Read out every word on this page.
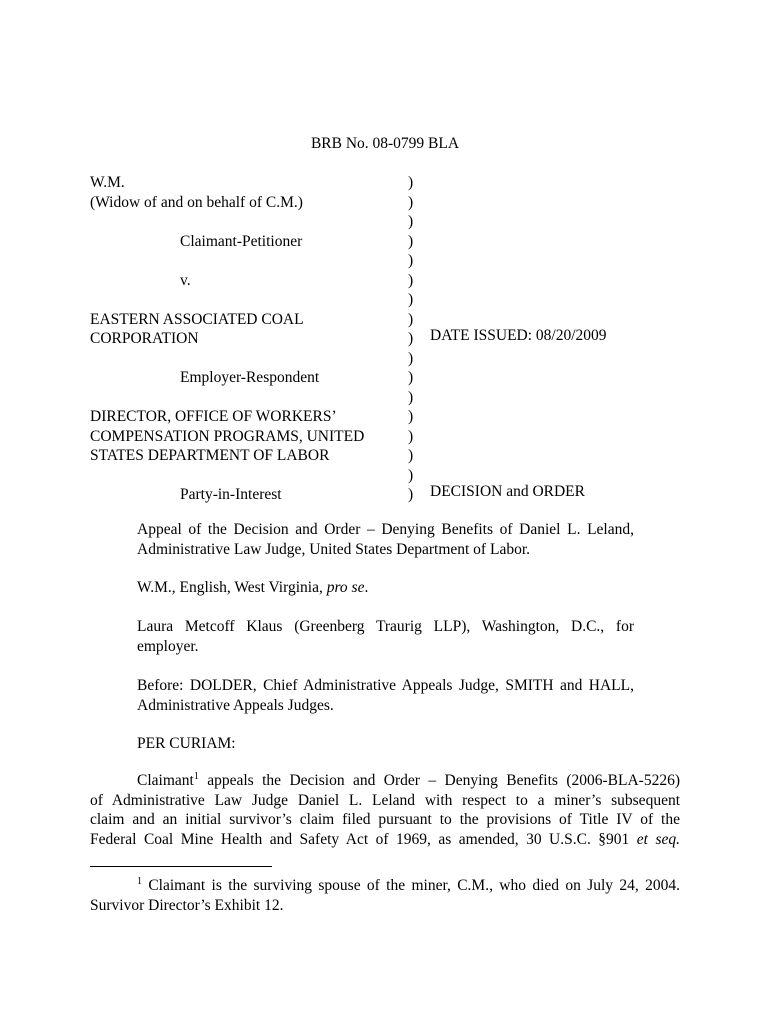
BRB No. 08-0799 BLA
W.M.
(Widow of and on behalf of C.M.)
Claimant-Petitioner
v.
EASTERN ASSOCIATED COAL
CORPORATION
Employer-Respondent
DIRECTOR, OFFICE OF WORKERS’
COMPENSATION PROGRAMS, UNITED
STATES DEPARTMENT OF LABOR
Party-in-Interest
)
)
)
)
)
)
)
)
)
)
)
)
)
)
)
)
)
DATE ISSUED: 08/20/2009
DECISION and ORDER
Appeal of the Decision and Order – Denying Benefits of Daniel L. Leland, Administrative Law Judge, United States Department of Labor.
W.M., English, West Virginia, pro se.
Laura Metcoff Klaus (Greenberg Traurig LLP), Washington, D.C., for employer.
Before: DOLDER, Chief Administrative Appeals Judge, SMITH and HALL, Administrative Appeals Judges.
PER CURIAM:
Claimant$^1$ appeals the Decision and Order – Denying Benefits (2006-BLA-5226)
of Administrative Law Judge Daniel L. Leland with respect to a miner’s subsequent
claim and an initial survivor’s claim filed pursuant to the provisions of Title IV of the
Federal Coal Mine Health and Safety Act of 1969, as amended, 30 U.S.C. §901 et seq.
$^1$ Claimant is the surviving spouse of the miner, C.M., who died on July 24, 2004.
Survivor Director’s Exhibit 12.
